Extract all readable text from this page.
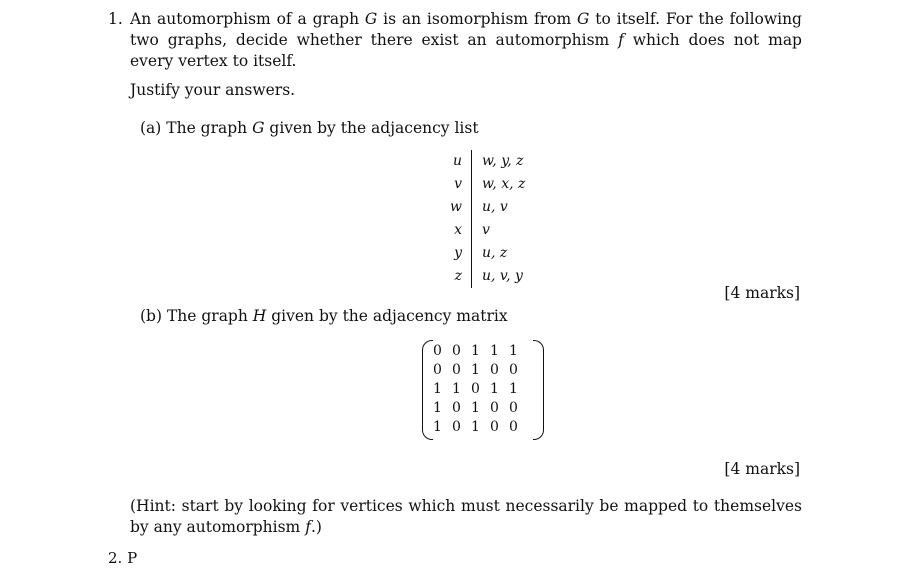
1. An automorphism of a graph G is an isomorphism from G to itself. For the following two graphs, decide whether there exist an automorphism f which does not map every vertex to itself.
Justify your answers.
(a) The graph G given by the adjacency list
u	w, y, z
v	w, x, z
w	u, v
x	v
y	u, z
z	u, v, y
[4 marks]
(b) The graph H given by the adjacency matrix
0	0	1	1	1
0	0	1	0	0
1	1	0	1	1
1	0	1	0	0
1	0	1	0	0
[4 marks]
(Hint: start by looking for vertices which must necessarily be mapped to themselves by any automorphism f.)
2. P
